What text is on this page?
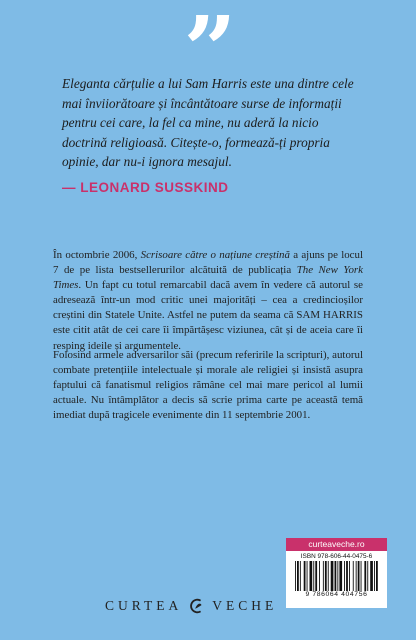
”

Eleganta cărțulie a lui Sam Harris este una dintre cele mai înviiorătoare și încântătoare surse de informații pentru cei care, la fel ca mine, nu aderă la nicio doctrină religioasă. Citește-o, formează-ți propria opinie, dar nu-i ignora mesajul.

— LEONARD SUSSKIND

În octombrie 2006, Scrisoare către o națiune creștină a ajuns pe locul 7 de pe lista bestsellerurilor alcătuită de publicația The New York Times. Un fapt cu totul remarcabil dacă avem în vedere că autorul se adresează într-un mod critic unei majorități – cea a credincioșilor creștini din Statele Unite. Astfel ne putem da seama că SAM HARRIS este citit atât de cei care îi împărtășesc viziunea, cât și de aceia care îi resping ideile și argumentele.

Folosind armele adversarilor săi (precum referirile la scripturi), autorul combate pretențiile intelectuale și morale ale religiei și insistă asupra faptului că fanatismul religios rămâne cel mai mare pericol al lumii actuale. Nu întâmplător a decis să scrie prima carte pe această temă imediat după tragicele evenimente din 11 septembrie 2001.

CURTEA VECHE
curteaveche.ro
ISBN 978-606-44-0475-6
9 786064 404756
